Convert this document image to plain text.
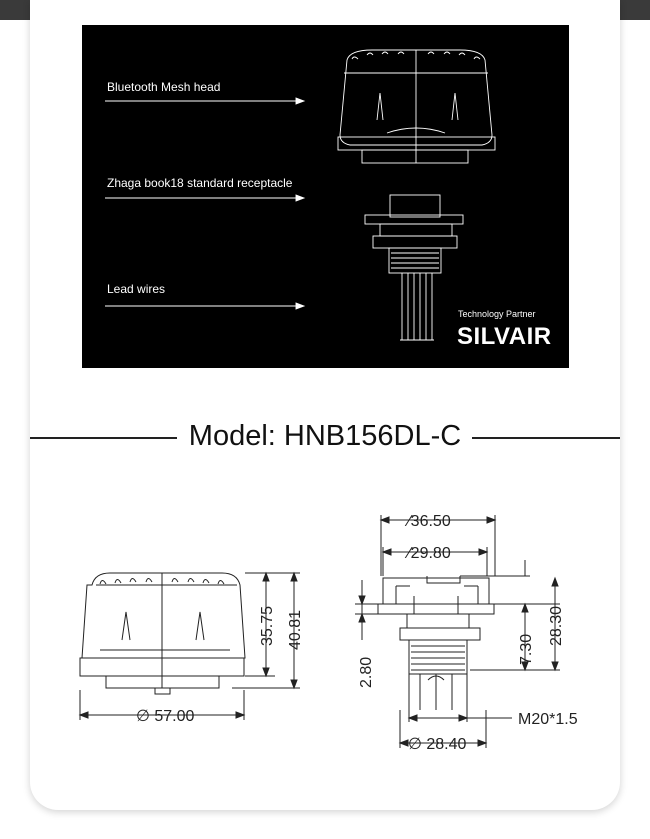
Bluetooth Mesh head
Zhaga book18 standard receptacle
Lead wires
Technology Partner
SILVAIR
Model: HNB156DL-C
35.75 40.81
∅ 57.00
∕36.50
∕29.80
2.80
7.30
28.30
M20*1.5
∅ 28.40
